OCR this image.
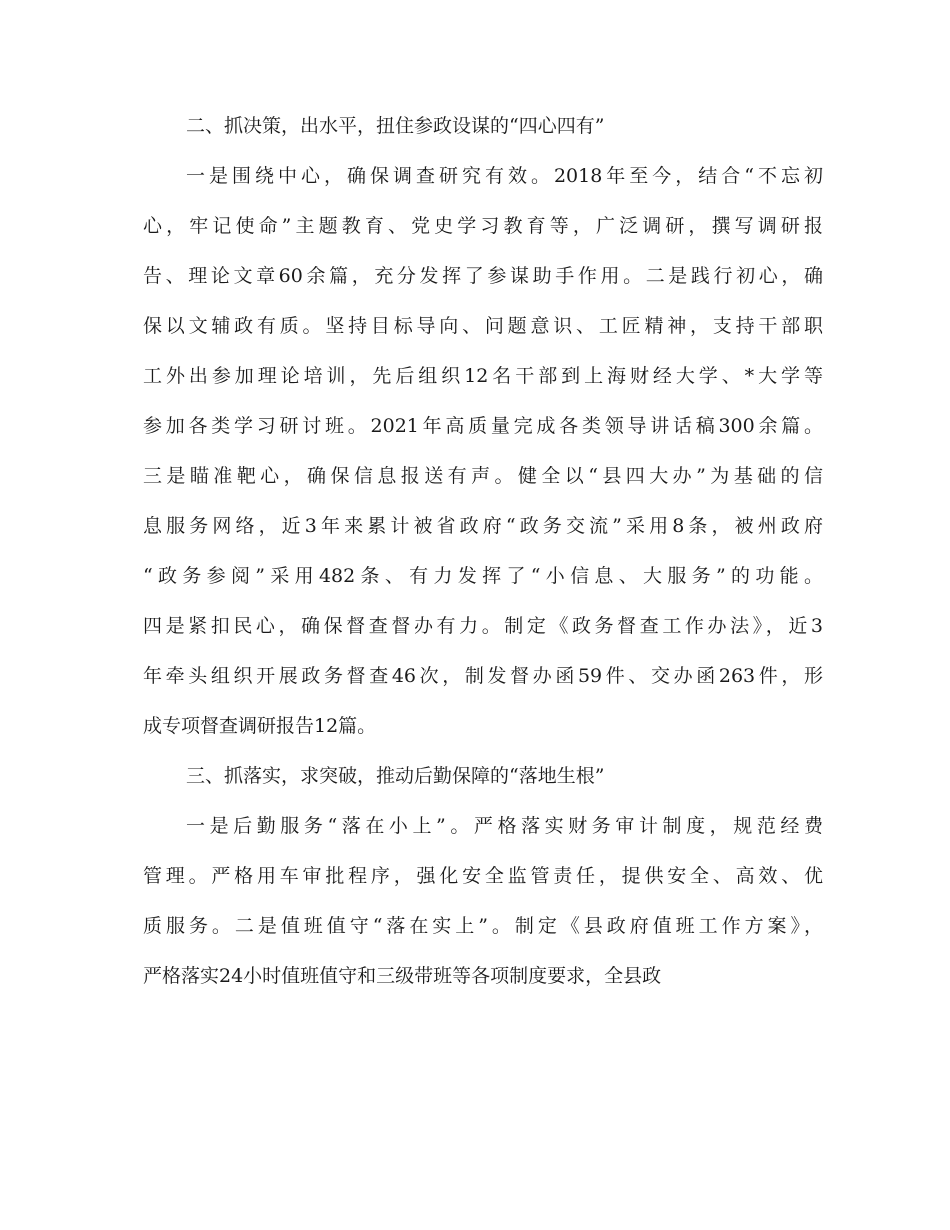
二、抓决策，出水平，扭住参政设谋的“四心四有”
一是围绕中心，确保调查研究有效。2018年至今，结合“不忘初
心，牢记使命”主题教育、党史学习教育等，广泛调研，撰写调研报
告、理论文章60余篇，充分发挥了参谋助手作用。二是践行初心，确
保以文辅政有质。坚持目标导向、问题意识、工匠精神，支持干部职
工外出参加理论培训，先后组织12名干部到上海财经大学、*大学等
参加各类学习研讨班。2021年高质量完成各类领导讲话稿300余篇。
三是瞄准靶心，确保信息报送有声。健全以“县四大办”为基础的信
息服务网络，近3年来累计被省政府“政务交流”采用8条，被州政府
“政务参阅”采用482条、有力发挥了“小信息、大服务”的功能。
四是紧扣民心，确保督查督办有力。制定《政务督查工作办法》，近3
年牵头组织开展政务督查46次，制发督办函59件、交办函263件，形
成专项督查调研报告12篇。
三、抓落实，求突破，推动后勤保障的“落地生根”
一是后勤服务“落在小上”。严格落实财务审计制度，规范经费
管理。严格用车审批程序，强化安全监管责任，提供安全、高效、优
质服务。二是值班值守“落在实上”。制定《县政府值班工作方案》，
严格落实24小时值班值守和三级带班等各项制度要求，全县政
